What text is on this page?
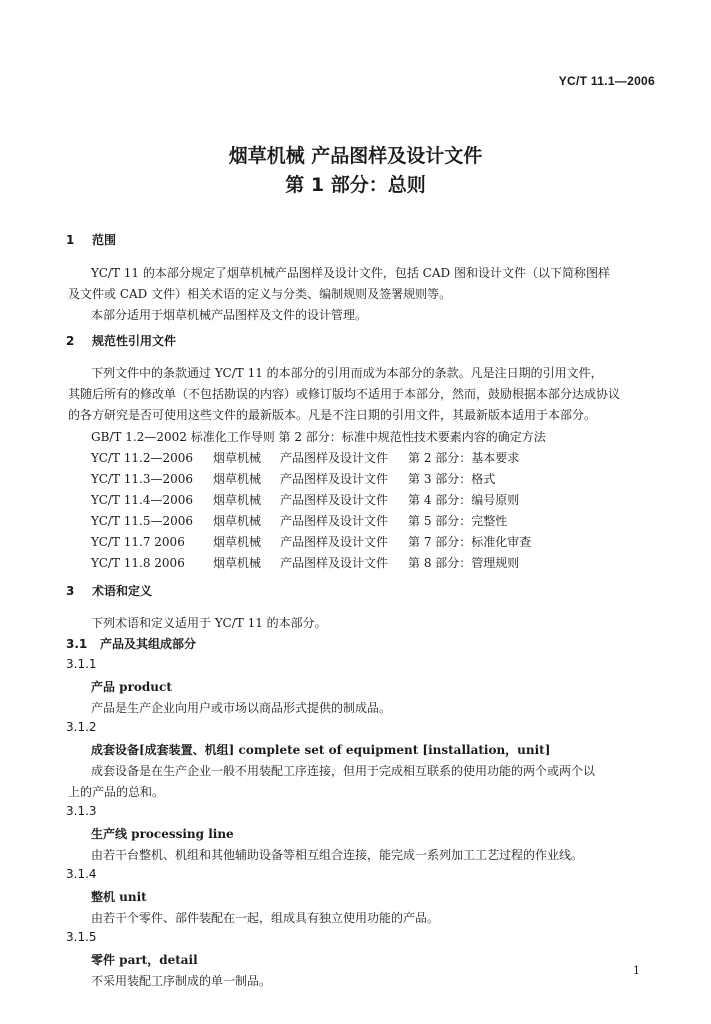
YC/T 11.1—2006
烟草机械 产品图样及设计文件
第 1 部分：总则
1 范围
YC/T 11 的本部分规定了烟草机械产品图样及设计文件，包括 CAD 图和设计文件（以下简称图样
及文件或 CAD 文件）相关术语的定义与分类、编制规则及签署规则等。
本部分适用于烟草机械产品图样及文件的设计管理。
2 规范性引用文件
下列文件中的条款通过 YC/T 11 的本部分的引用而成为本部分的条款。凡是注日期的引用文件，
其随后所有的修改单（不包括勘误的内容）或修订版均不适用于本部分，然而，鼓励根据本部分达成协议
的各方研究是否可使用这些文件的最新版本。凡是不注日期的引用文件，其最新版本适用于本部分。
GB/T 1.2—2002 标准化工作导则 第 2 部分：标准中规范性技术要素内容的确定方法
YC/T 11.2—2006 烟草机械 产品图样及设计文件 第 2 部分：基本要求
YC/T 11.3—2006 烟草机械 产品图样及设计文件 第 3 部分：格式
YC/T 11.4—2006 烟草机械 产品图样及设计文件 第 4 部分：编号原则
YC/T 11.5—2006 烟草机械 产品图样及设计文件 第 5 部分：完整性
YC/T 11.7 2006 烟草机械 产品图样及设计文件 第 7 部分：标准化审查
YC/T 11.8 2006 烟草机械 产品图样及设计文件 第 8 部分：管理规则
3 术语和定义
下列术语和定义适用于 YC/T 11 的本部分。
3.1 产品及其组成部分
3.1.1
产品 product
产品是生产企业向用户或市场以商品形式提供的制成品。
3.1.2
成套设备[成套装置、机组] complete set of equipment [installation，unit]
成套设备是在生产企业一般不用装配工序连接，但用于完成相互联系的使用功能的两个或两个以
上的产品的总和。
3.1.3
生产线 processing line
由若干台整机、机组和其他辅助设备等相互组合连接，能完成一系列加工工艺过程的作业线。
3.1.4
整机 unit
由若干个零件、部件装配在一起，组成具有独立使用功能的产品。
3.1.5
零件 part，detail
不采用装配工序制成的单一制品。
1
